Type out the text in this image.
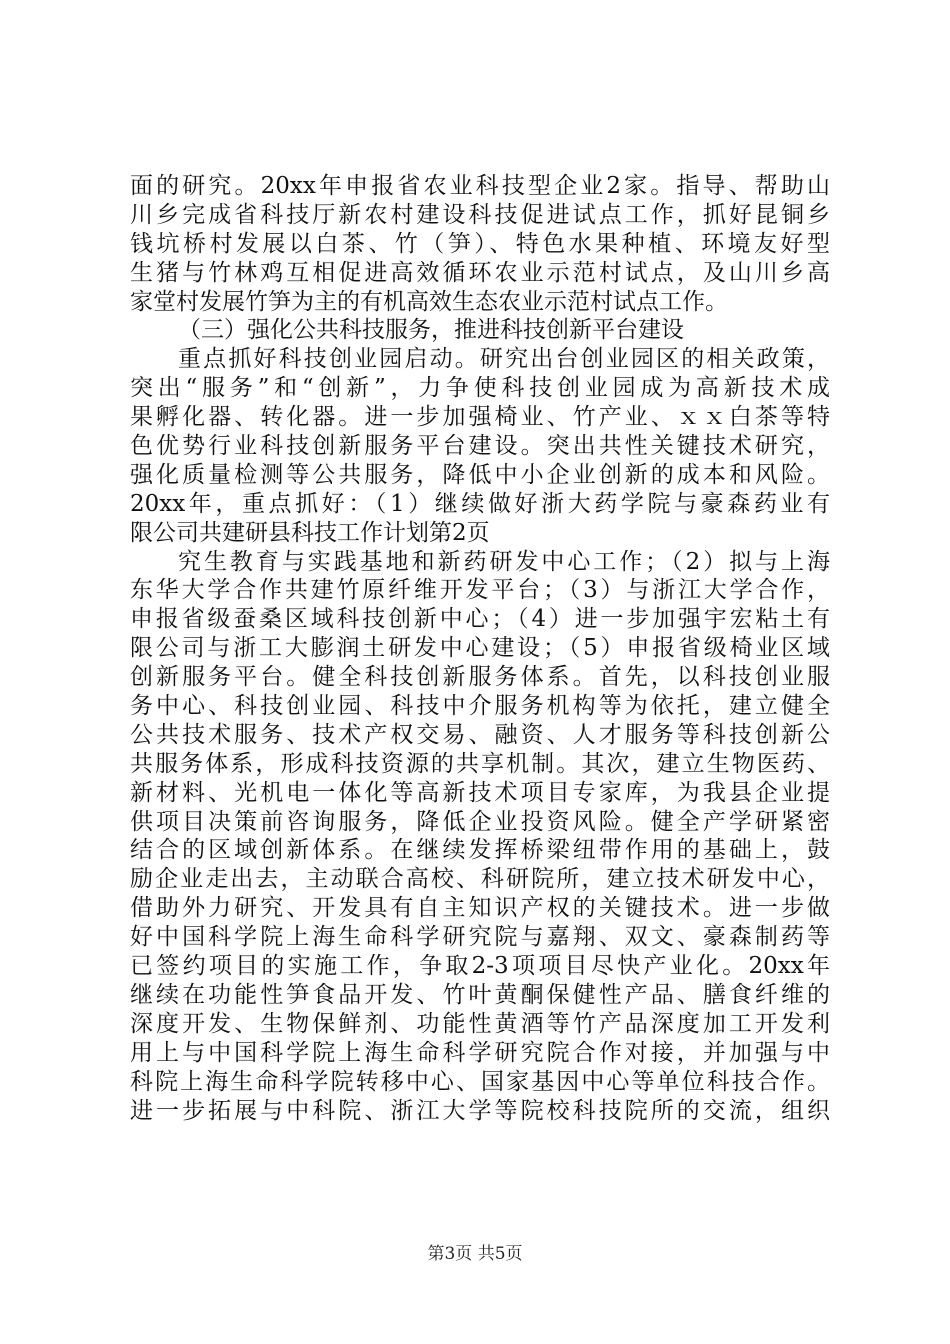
面的研究。20xx年申报省农业科技型企业2家。指导、帮助山
川乡完成省科技厅新农村建设科技促进试点工作，抓好昆铜乡
钱坑桥村发展以白茶、竹（笋）、特色水果种植、环境友好型
生猪与竹林鸡互相促进高效循环农业示范村试点，及山川乡高
家堂村发展竹笋为主的有机高效生态农业示范村试点工作。
（三）强化公共科技服务，推进科技创新平台建设
重点抓好科技创业园启动。研究出台创业园区的相关政策，
突出“服务”和“创新”，力争使科技创业园成为高新技术成
果孵化器、转化器。进一步加强椅业、竹产业、ｘｘ白茶等特
色优势行业科技创新服务平台建设。突出共性关键技术研究，
强化质量检测等公共服务，降低中小企业创新的成本和风险。
20xx年，重点抓好：（1）继续做好浙大药学院与豪森药业有
限公司共建研县科技工作计划第2页
究生教育与实践基地和新药研发中心工作；（2）拟与上海
东华大学合作共建竹原纤维开发平台；（3）与浙江大学合作，
申报省级蚕桑区域科技创新中心；（4）进一步加强宇宏粘土有
限公司与浙工大膨润土研发中心建设；（5）申报省级椅业区域
创新服务平台。健全科技创新服务体系。首先，以科技创业服
务中心、科技创业园、科技中介服务机构等为依托，建立健全
公共技术服务、技术产权交易、融资、人才服务等科技创新公
共服务体系，形成科技资源的共享机制。其次，建立生物医药、
新材料、光机电一体化等高新技术项目专家库，为我县企业提
供项目决策前咨询服务，降低企业投资风险。健全产学研紧密
结合的区域创新体系。在继续发挥桥梁纽带作用的基础上，鼓
励企业走出去，主动联合高校、科研院所，建立技术研发中心，
借助外力研究、开发具有自主知识产权的关键技术。进一步做
好中国科学院上海生命科学研究院与嘉翔、双文、豪森制药等
已签约项目的实施工作，争取2-3项项目尽快产业化。20xx年
继续在功能性笋食品开发、竹叶黄酮保健性产品、膳食纤维的
深度开发、生物保鲜剂、功能性黄酒等竹产品深度加工开发利
用上与中国科学院上海生命科学研究院合作对接，并加强与中
科院上海生命科学院转移中心、国家基因中心等单位科技合作。
进一步拓展与中科院、浙江大学等院校科技院所的交流，组织
第3页 共5页
